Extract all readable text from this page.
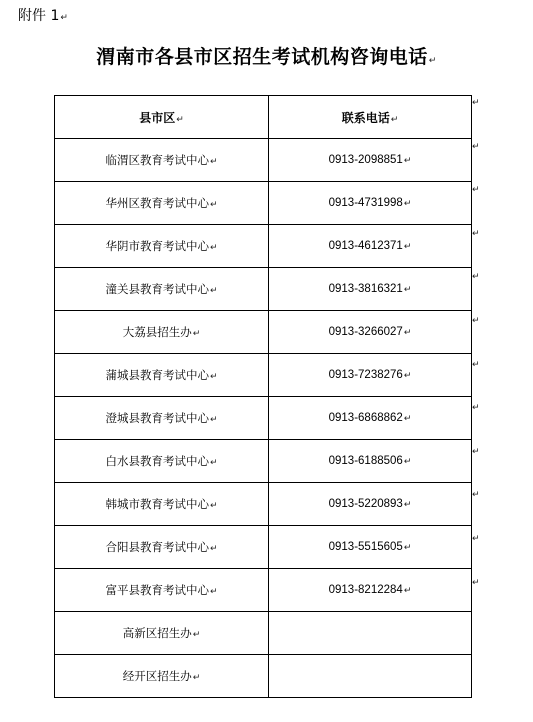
附件 1↵
渭南市各县市区招生考试机构咨询电话↵
县市区↵	联系电话↵
临渭区教育考试中心↵	0913-2098851↵
华州区教育考试中心↵	0913-4731998↵
华阴市教育考试中心↵	0913-4612371↵
潼关县教育考试中心↵	0913-3816321↵
大荔县招生办↵	0913-3266027↵
蒲城县教育考试中心↵	0913-7238276↵
澄城县教育考试中心↵	0913-6868862↵
白水县教育考试中心↵	0913-6188506↵
韩城市教育考试中心↵	0913-5220893↵
合阳县教育考试中心↵	0913-5515605↵
富平县教育考试中心↵	0913-8212284↵
高新区招生办↵	
经开区招生办↵	
↵
↵
↵
↵
↵
↵
↵
↵
↵
↵
↵
↵
